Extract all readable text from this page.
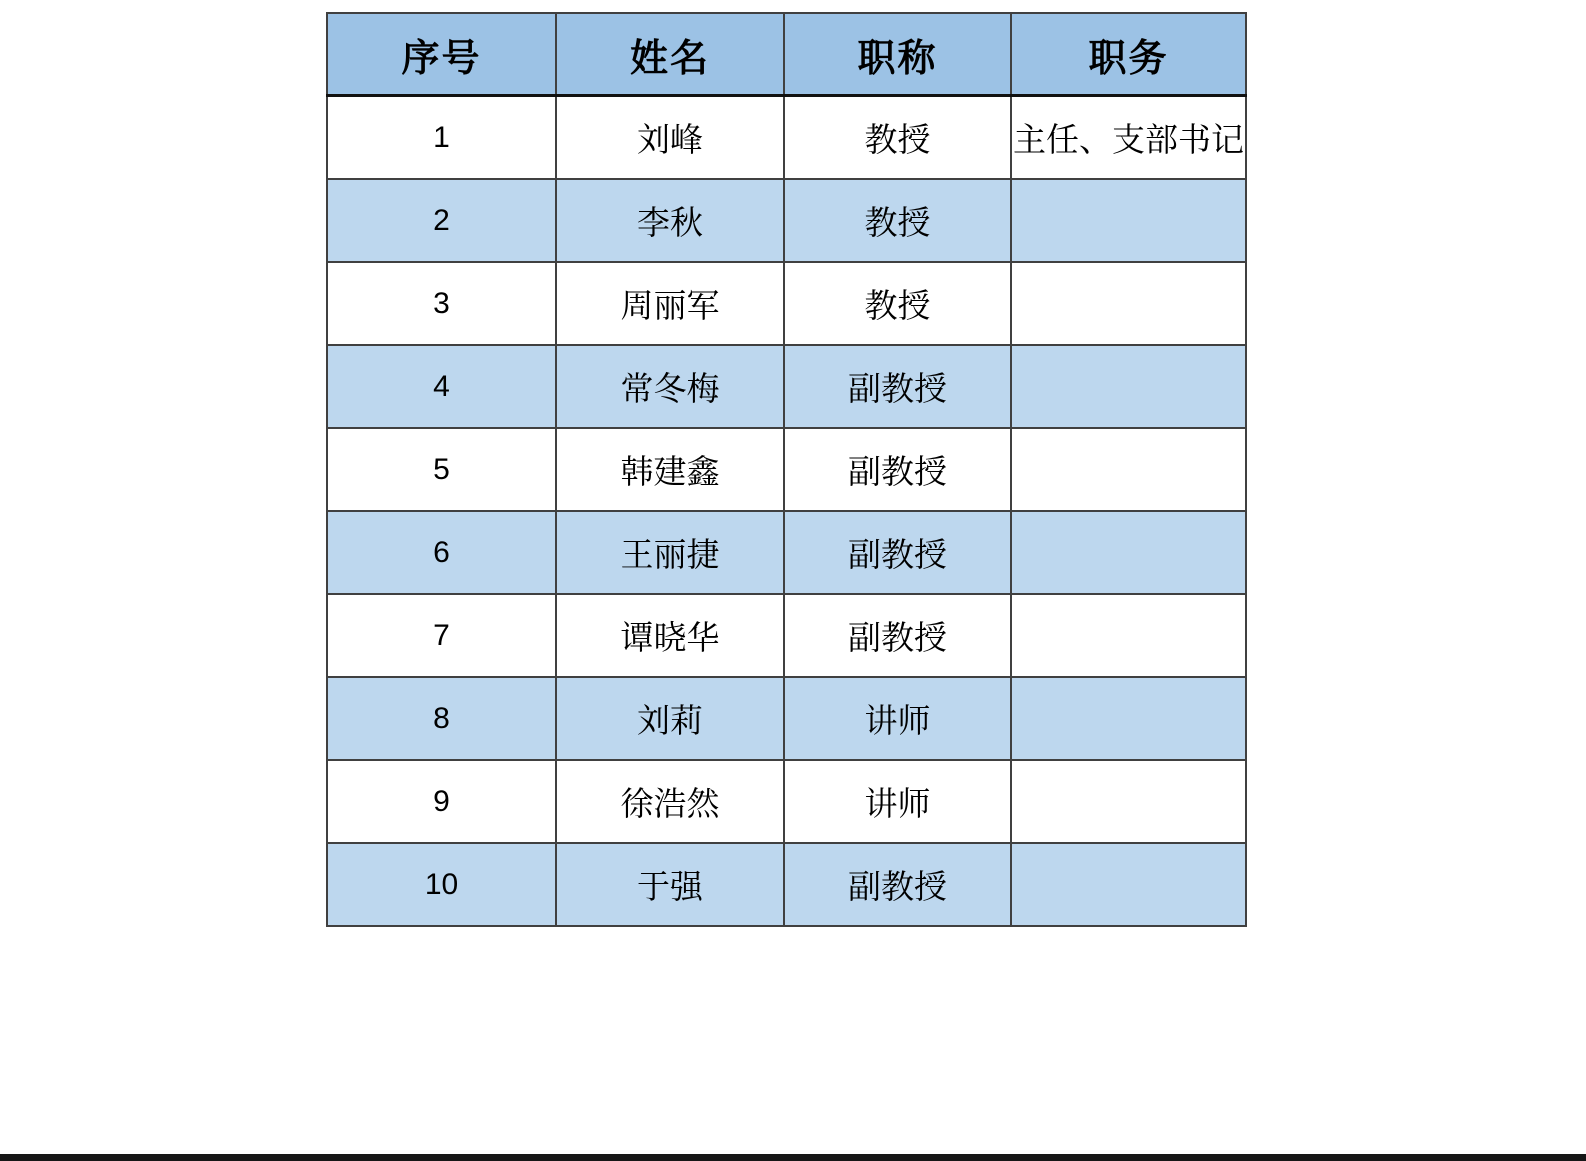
序号	姓名	职称	职务
1	刘峰	教授	主任、支部书记
2	李秋	教授	
3	周丽军	教授	
4	常冬梅	副教授	
5	韩建鑫	副教授	
6	王丽捷	副教授	
7	谭晓华	副教授	
8	刘莉	讲师	
9	徐浩然	讲师	
10	于强	副教授	
